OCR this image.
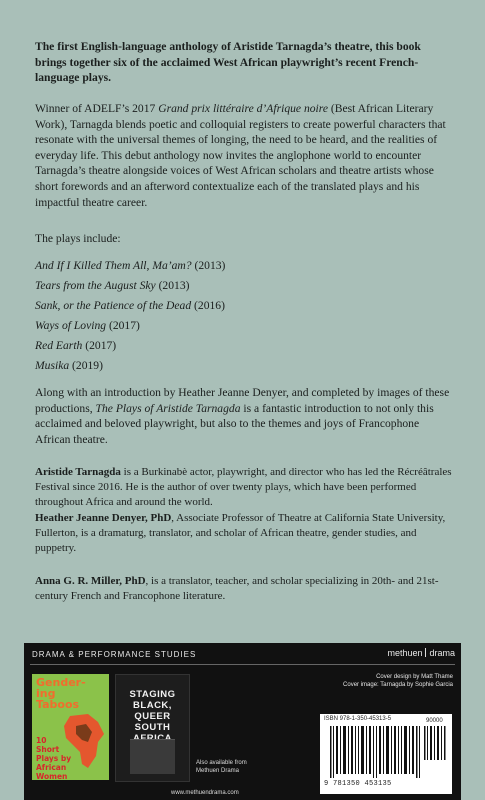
The first English-language anthology of Aristide Tarnagda’s theatre, this book brings together six of the acclaimed West African playwright’s recent French-language plays.
Winner of ADELF’s 2017 Grand prix littéraire d’Afrique noire (Best African Literary Work), Tarnagda blends poetic and colloquial registers to create powerful characters that resonate with the universal themes of longing, the need to be heard, and the realities of everyday life. This debut anthology now invites the anglophone world to encounter Tarnagda’s theatre alongside voices of West African scholars and theatre artists whose short forewords and an afterword contextualize each of the translated plays and his impactful theatre career.
The plays include:
And If I Killed Them All, Ma’am? (2013)
Tears from the August Sky (2013)
Sank, or the Patience of the Dead (2016)
Ways of Loving (2017)
Red Earth (2017)
Musika (2019)
Along with an introduction by Heather Jeanne Denyer, and completed by images of these productions, The Plays of Aristide Tarnagda is a fantastic introduction to not only this acclaimed and beloved playwright, but also to the themes and joys of Francophone African theatre.
Aristide Tarnagda is a Burkinabè actor, playwright, and director who has led the Récréâtrales Festival since 2016. He is the author of over twenty plays, which have been performed throughout Africa and around the world.
Heather Jeanne Denyer, PhD, Associate Professor of Theatre at California State University, Fullerton, is a dramaturg, translator, and scholar of African theatre, gender studies, and puppetry.
Anna G. R. Miller, PhD, is a translator, teacher, and scholar specializing in 20th- and 21st-century French and Francophone literature.
DRAMA & PERFORMANCE STUDIES	methuen drama
Gender-
ing
Taboos
10 Short Plays by African Women
STAGING
BLACK,
QUEER
SOUTH

Also available from Methuen Drama
www.methuendrama.com
Cover design by Matt Thame
Cover image: Tarnagda by Sophie Garcia
ISBN 978-1-350-45313-5	90000
9 781350 453135
